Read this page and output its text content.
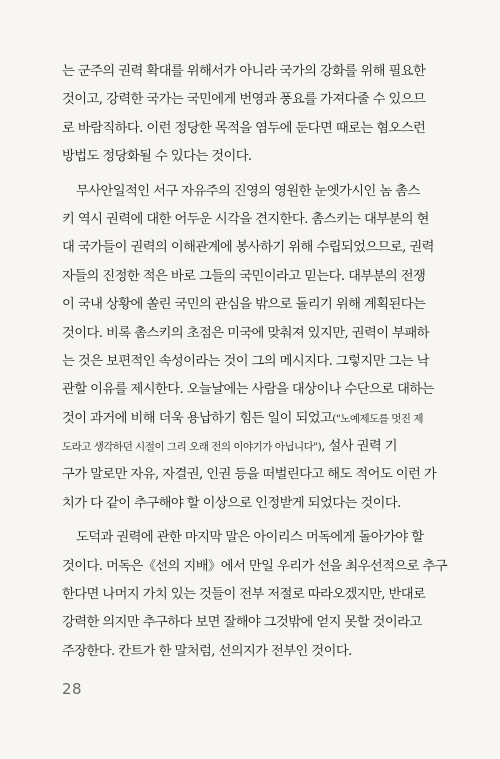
는 군주의 권력 확대를 위해서가 아니라 국가의 강화를 위해 필요한
것이고, 강력한 국가는 국민에게 번영과 풍요를 가져다줄 수 있으므
로 바람직하다. 이런 정당한 목적을 염두에 둔다면 때로는 혐오스런
방법도 정당화될 수 있다는 것이다.
무사안일적인 서구 자유주의 진영의 영원한 눈엣가시인 놈 촘스
키 역시 권력에 대한 어두운 시각을 견지한다. 촘스키는 대부분의 현
대 국가들이 권력의 이해관계에 봉사하기 위해 수립되었으므로, 권력
자들의 진정한 적은 바로 그들의 국민이라고 믿는다. 대부분의 전쟁
이 국내 상황에 쏠린 국민의 관심을 밖으로 돌리기 위해 계획된다는
것이다. 비록 촘스키의 초점은 미국에 맞춰져 있지만, 권력이 부패하
는 것은 보편적인 속성이라는 것이 그의 메시지다. 그렇지만 그는 낙
관할 이유를 제시한다. 오늘날에는 사람을 대상이나 수단으로 대하는
것이 과거에 비해 더욱 용납하기 힘든 일이 되었고("노예제도를 멋진 제
도라고 생각하던 시절이 그리 오래 전의 이야기가 아닙니다"), 설사 권력 기
구가 말로만 자유, 자결권, 인권 등을 떠벌린다고 해도 적어도 이런 가
치가 다 같이 추구해야 할 이상으로 인정받게 되었다는 것이다.
도덕과 권력에 관한 마지막 말은 아이리스 머독에게 돌아가야 할
것이다. 머독은《선의 지배》에서 만일 우리가 선을 최우선적으로 추구
한다면 나머지 가치 있는 것들이 전부 저절로 따라오겠지만, 반대로
강력한 의지만 추구하다 보면 잘해야 그것밖에 얻지 못할 것이라고
주장한다. 칸트가 한 말처럼, 선의지가 전부인 것이다.
28
